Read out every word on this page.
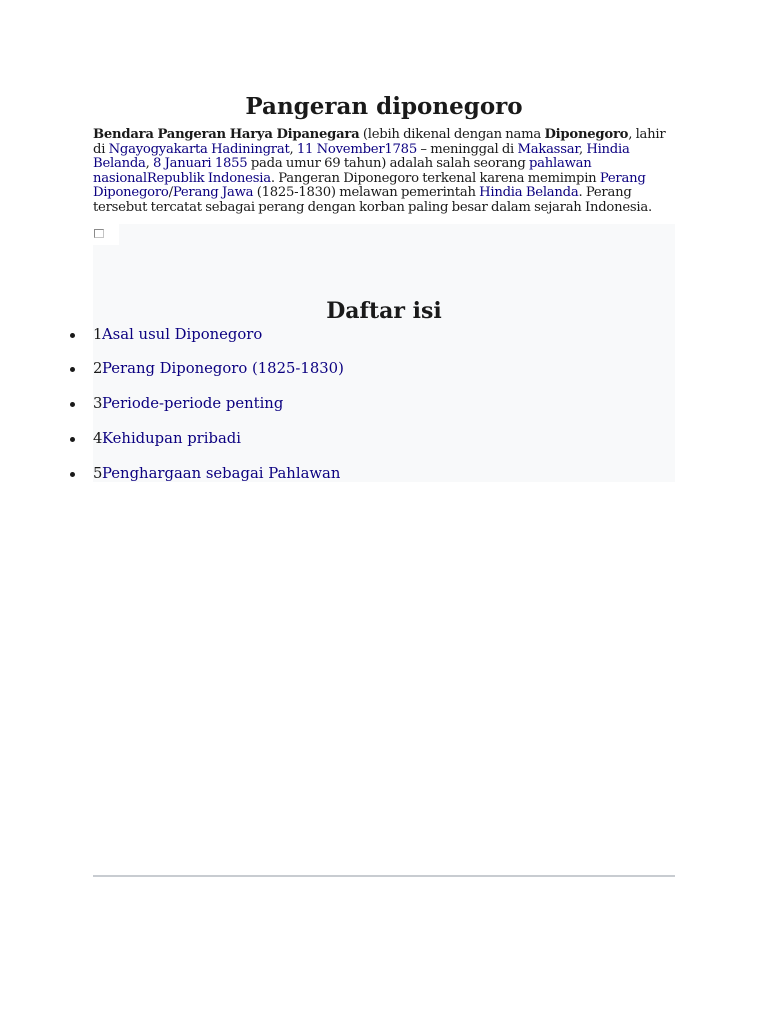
Pangeran diponegoro

Bendara Pangeran Harya Dipanegara (lebih dikenal dengan nama Diponegoro, lahir di Ngayogyakarta Hadiningrat, 11 November1785 – meninggal di Makassar, Hindia Belanda, 8 Januari 1855 pada umur 69 tahun) adalah salah seorang pahlawan nasionalRepublik Indonesia. Pangeran Diponegoro terkenal karena memimpin Perang Diponegoro/Perang Jawa (1825-1830) melawan pemerintah Hindia Belanda. Perang tersebut tercatat sebagai perang dengan korban paling besar dalam sejarah Indonesia.

Daftar isi
1 Asal usul Diponegoro
2 Perang Diponegoro (1825-1830)
3 Periode-periode penting
4 Kehidupan pribadi
5 Penghargaan sebagai Pahlawan
